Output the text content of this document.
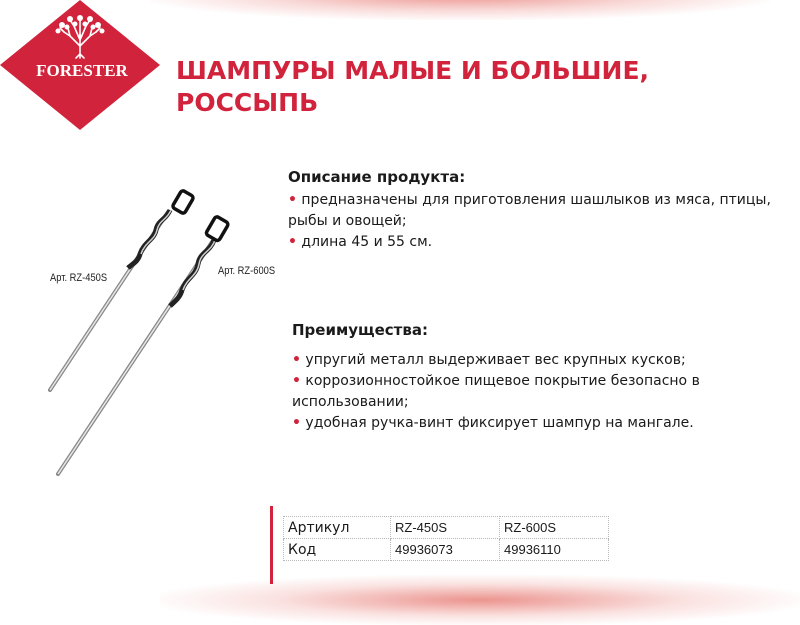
FORESTER	ШАМПУРЫ МАЛЫЕ И БОЛЬШИЕ, РОССЫПЬ
Арт. RZ-450S
Арт. RZ-600S
Описание продукта:
• предназначены для приготовления шашлыков из мяса, птицы, рыбы и овощей;
• длина 45 и 55 см.
Преимущества:
• упругий металл выдерживает вес крупных кусков;
• коррозионностойкое пищевое покрытие безопасно в использовании;
• удобная ручка-винт фиксирует шампур на мангале.
Артикул	RZ-450S	RZ-600S
Код	49936073	49936110
